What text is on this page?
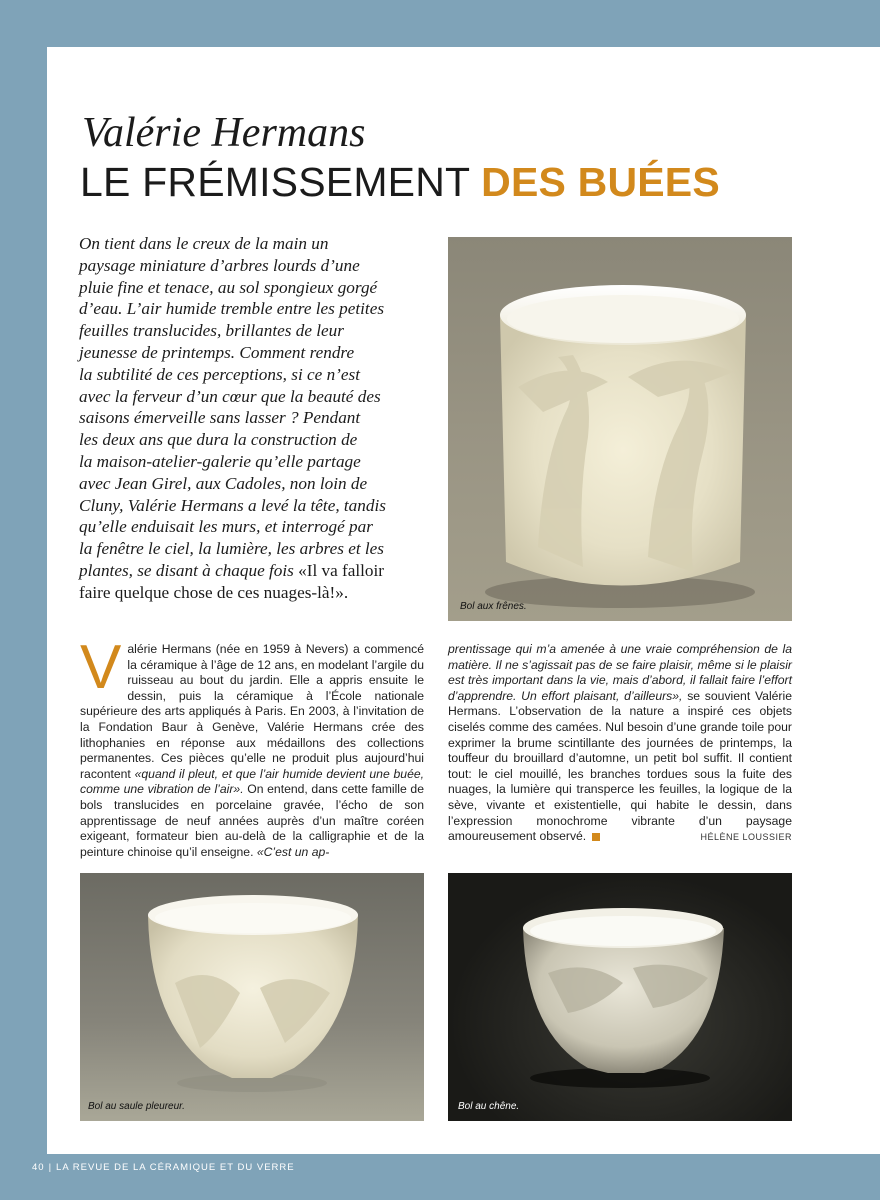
Valérie Hermans
LE FRÉMISSEMENT DES BUÉES
On tient dans le creux de la main un
paysage miniature d’arbres lourds d’une
pluie fine et tenace, au sol spongieux gorgé
d’eau. L’air humide tremble entre les petites
feuilles translucides, brillantes de leur
jeunesse de printemps. Comment rendre
la subtilité de ces perceptions, si ce n’est
avec la ferveur d’un cœur que la beauté des
saisons émerveille sans lasser ? Pendant
les deux ans que dura la construction de
la maison-atelier-galerie qu’elle partage
avec Jean Girel, aux Cadoles, non loin de
Cluny, Valérie Hermans a levé la tête, tandis
qu’elle enduisait les murs, et interrogé par
la fenêtre le ciel, la lumière, les arbres et les
plantes, se disant à chaque fois «Il va falloir
faire quelque chose de ces nuages-là!».
Bol aux frênes.
Valérie Hermans (née en 1959 à Nevers) a commencé la céramique à l’âge de 12 ans, en modelant l’argile du ruisseau au bout du jardin. Elle a appris ensuite le dessin, puis la céramique à l’École nationale supérieure des arts appliqués à Paris. En 2003, à l’invitation de la Fondation Baur à Genève, Valérie Hermans crée des lithophanies en réponse aux médaillons des collections permanentes. Ces pièces qu’elle ne produit plus aujourd’hui racontent «quand il pleut, et que l’air humide devient une buée, comme une vibration de l’air». On entend, dans cette famille de bols translucides en porcelaine gravée, l’écho de son apprentissage de neuf années auprès d’un maître coréen exigeant, formateur bien au-delà de la calligraphie et de la peinture chinoise qu’il enseigne. «C’est un ap-
prentissage qui m’a amenée à une vraie compréhension de la matière. Il ne s’agissait pas de se faire plaisir, même si le plaisir est très important dans la vie, mais d’abord, il fallait faire l’effort d’apprendre. Un effort plaisant, d’ailleurs», se souvient Valérie Hermans. L’observation de la nature a inspiré ces objets ciselés comme des camées. Nul besoin d’une grande toile pour exprimer la brume scintillante des journées de printemps, la touffeur du brouillard d’automne, un petit bol suffit. Il contient tout: le ciel mouillé, les branches tordues sous la fuite des nuages, la lumière qui transperce les feuilles, la logique de la sève, vivante et existentielle, qui habite le dessin, dans l’expression monochrome vibrante d’un paysage amoureusement observé.	HÉLÈNE LOUSSIER
Bol au saule pleureur.	Bol au chêne.
40 | LA REVUE DE LA CÉRAMIQUE ET DU VERRE
